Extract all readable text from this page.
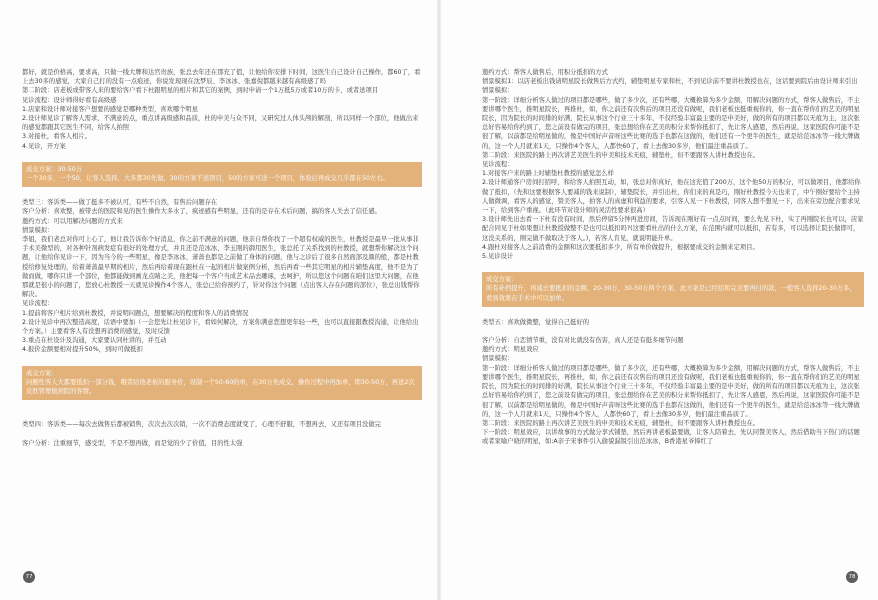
都好，就是价格高，要求高，只做一线大牌和达官贵族，张总去年还在那充了值，让他给你安排下时间，这医生自己设计自己操作，都60了，看上去30多的感觉，大家自己打的没有一点痕迹，你说发现现在沈梦辰、李冰冰、张嘉倪都越来越有高级感了吗

第二阶段：店老板或带客人来的要给客户看下杜跟明星的相片和其它的案例，到时申请一个1万抵5万或者10万的卡，或者送项目

见诊流程：设计师得好看有高级感

1.店家和设计师对接客户想要的感觉是哪种类型，喜欢哪个明星

2.设计师见诊了解客人需求，不满意的点，重点讲高级感和品质，杜的申美与众不同，又研究过人体头颅的解剖，所以同样一个部位，他做出来的感觉都跟其它医生不同，给客人拍照

3.对接杜，看客人相片。

4.见诊，开方案

成交方案：30-50万

一个30多，一个50，让客人选择，大多都30先做，30的方案不送项目，50的方案可送一个项目，体验后再成交几乎都在50左右。

类型三：客诉类——做了挺多不被认可，有些不自然，有售后问题存在

客户分析：喜欢整，被带去的医院和见的医生操作大多水了，疯迹感有些明显，还有的是存在术后问题，搞的客人失去了信任感。

邀约方式：可以用解决问题的方式来

情景模拟：

李姐，我们老总对你可上心了，他让我告诉你个好消息，你之前不满意的问题，他亲自帮你找了一个超有权威的医生，杜教授是最早一批从事非手术美微型的，对各种针剂病发症有很好的处理方式，并且还是范冰冰、李玉刚的御用医生，张总托了关系找到的杜教授，就想帮你解决这个问题，让他给你见诊一下，因为当今的一些明星，像是李冰冰、萧蔷也都是之前做了身体的问题，他与之诊后了很多自然面部及颜的般，都是杜教授给修复处理的，给着萧蔷最早期的相片，然后再给着现在跟杜在一起的相片做案例分析，然后再看一些其它明星的相片辅垫高度，他不是为了做而做，哪你只讲一个部位，他都能做到画龙点睛之美，他把每一个客户当成艺术品去雕琢，去呵护，所以您这个问题在咱们这里大问题，在他那就是很小的问题了，您放心杜教授一天就见诊操作4个客人，张总已给你预约了，针对你这个问题（点出客人存在问题的部位），张总出钱帮你解决。

见诊流程：

1.提前将客户相片给到杜教授，并说明问题点，想要解决的程度和客人的消费情况

2.设计见诊中再次整造高度，话语中要加（一会您先让杜见诊下，看如何解决，方案你满意您想更年轻一些，也可以直接跟教授沟通，让他给出个方案。）主要看客人有没想再消费的感觉，及时反馈

3.重点在杜设计及沟通，大家要认同杜讲的，并互动

4.报价金额要相对提升50%，到时可做抵扣

成交方案：

问题性客人大都要抵扣一部分钱，哦者给他老板的服务价，设制一个50-60的单，在30万先成交，操作过程中再加单，即30-50万，再送2次皮肤管理做到院的客情。

类型四：客诉类——每次去做售后都被销售，次次去次次销，一次不消费态度就变了，心理不舒服，不想再去，又还有项目没做完

客户分析：注重细节，感受型，不是不想再做，而是觉的少了价值，目的性太强

77

邀约方式：帮客人做售后，用积分抵扣的方式

情景模拟1：以店老板出钱请明星院长做售后方式约，辅垫明星专家和杜，不到见诊前不要讲杜教授也在，这话要到院后由设计师来引出

情景模拟：

第一阶段：详细分析客人做过的项目都是哪些，做了多少次，还有些哪，大概换算为多少金额，用解决问题的方式，帮客人做售后，不主要讲哪个医生，推明星院长，再推杜，如，你之前还有次售后的项目还没有做呢，我们老板也挺重视你的，你一直在帮你们的艺美的明星院长，因为院长的时间排的好满，院长从事这个行业三十多年，不仅经验丰富最主要的是申美好，做的所有的项目都以无痕为主，这次张总好容易给你约到了，您之前设有做完的项目，张总想给你在艺美的积分来帮你抵扣了，先让客人感恩，然后再说，这家医院你可能不是很了解，以前都是给明星做的，像是中国好声音呀这些比赛的选手也都在这做的，他们还有一个更牛的医生，就是给范冰冰等一线大牌做的，这一个人月就来1天，只操作4个客人，人都快60了，看上去像30多岁，他们最注重品质了。

第二阶段：来医院的路上再次讲艺美医生的申美和技术无痕，辅垫杜，但不要跟客人讲杜教授也在。

见诊流程：

1.对接客户来的路上时辅垫杜教授的感觉怎么样

2.设计师通客户房间打招呼，和给客人拍照互动，如，张总对你真好，他在这充值了200万，这个他50万的积分，可以做项目，他都给你做了抵扣，（先和这要根据客人要减的钱来说制），辅垫院长，并引出杜，你们来的真是巧，刚好杜教授今天也来了，中午刚好要给个主持人做微调，看客人的感觉，赞美客人，拍客人的真虚和利益的要求，引客人见一下杜教授，同客人想不想见一下，出来在旁边配合要求见一下，给到客户重视。（此环节对设计师的灵活性要求很高）

3.设计师先出去看一下杜有没有时间，然后停留5分钟再进房间，告诉现在刚好有一点点时间，要么先见下杜，实了再刚院长也可以，店家配合同见于杜如果想让杜教授做整不是也可以抵扣吗?(这要看杜出的什么方案，在范围内就可以抵扣，若有多，可以选择让院长做即可，这没关系的，刚完做不做取决于客人。)，若客人肯见，就说明能升单。

4.跟杜对接客人之前消费的金额和这次要抵扣多少，所有单价做提升，根据要成交的金额来定项目。

5.见诊设计

成交方案：

所有补档提升，再减去要抵扣的金额，20-30万，30-50万两个方案，此方案是已经括和完美要再付的款，一般客人选择20-30万多，看到效果在手术中可以加单。

类型五：喜欢做微整，觉得自己挺好的

客户分析：自恋情节重，没有对比就没有伤害，真人还是有挺多细节问题

邀约方式：明星效应

情景模拟：

第一阶段：详细分析客人做过的项目都是哪些，做了多少次，还有些哪，大概换算为多少金额，用解决问题的方式，帮客人做售后，不主要讲哪个医生，推明星院长，再推杜，如，你之前还有次售后的项目还没有做呢，我们老板也挺重视你的，你一直在帮你们的艺美的明星院长，因为院长的时间排的好满，院长从事这个行业三十多年，不仅经验丰富最主要的是申美好，做的所有的项目都以无痕为主，这次张总好容易给你约到了，您之前设有做完的项目，张总想给你在艺美的积分来帮你抵扣了，先让客人感恩，然后再说，这家医院你可能不是很了解，以前都是给明星做的，像是中国好声音呀这些比赛的选手也都在这做的，他们还有一个更牛的医生，就是给范冰冰等一线大牌做的，这一个人月就来1天，只操作4个客人，人都快60了，看上去像30多岁，他们最注重品质了。

第二阶段：来医院的路上再次讲艺美医生的申美和技术无痕，辅垫杜，但不要跟客人讲杜教授也在。

下一阶段：明星效应，以讲故事的方式做分享式铺垫，然后再讲老板最要做，让客人陪着去，先认同赞美客人，然后借助当下热门的话题或者家喻户晓的明星，如:A亲子宋事件引入偷貌漏锐引出范冰冰，B香港星爷捧红了

78
